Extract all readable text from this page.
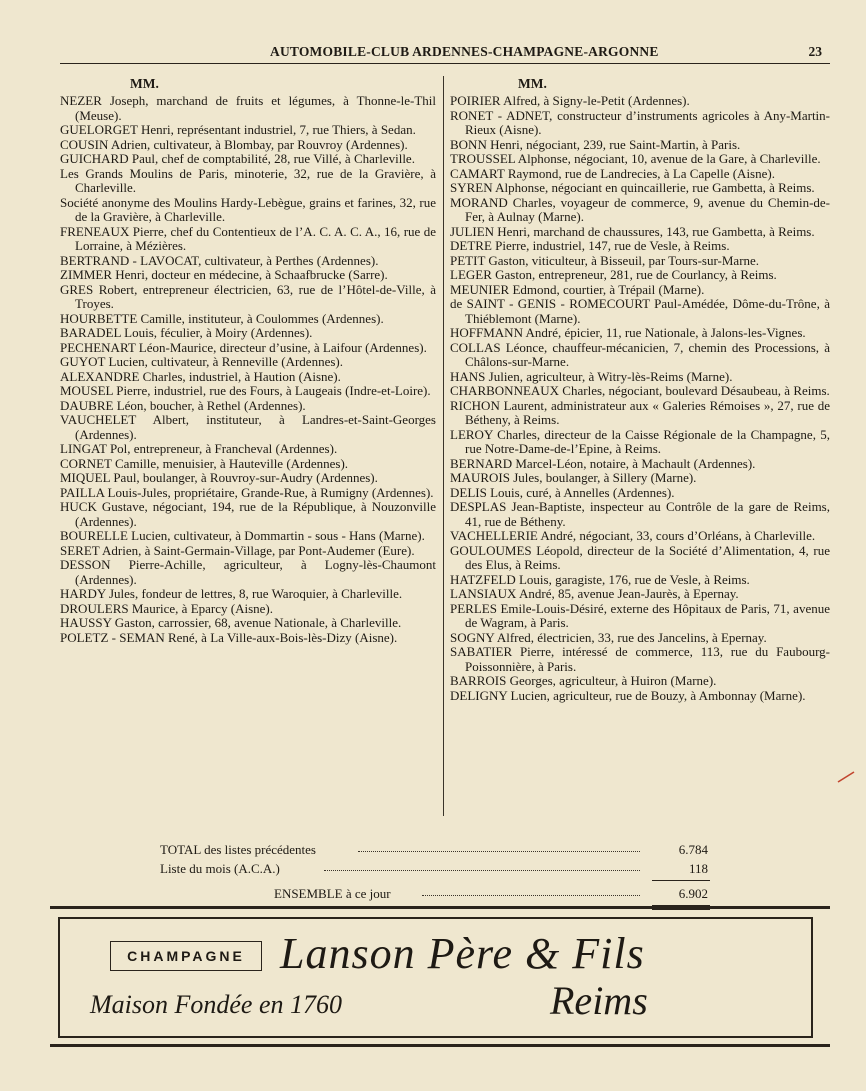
AUTOMOBILE-CLUB ARDENNES-CHAMPAGNE-ARGONNE	23
MM.

NEZER Joseph, marchand de fruits et légumes, à Thonne-le-Thil (Meuse).

GUELORGET Henri, représentant industriel, 7, rue Thiers, à Sedan.

COUSIN Adrien, cultivateur, à Blombay, par Rouvroy (Ardennes).

GUICHARD Paul, chef de comptabilité, 28, rue Villé, à Charleville.

Les Grands Moulins de Paris, minoterie, 32, rue de la Gravière, à Charleville.

Société anonyme des Moulins Hardy-Lebègue, grains et farines, 32, rue de la Gravière, à Charleville.

FRENEAUX Pierre, chef du Contentieux de l’A. C. A. C. A., 16, rue de Lorraine, à Mézières.

BERTRAND - LAVOCAT, cultivateur, à Perthes (Ardennes).

ZIMMER Henri, docteur en médecine, à Schaafbrucke (Sarre).

GRES Robert, entrepreneur électricien, 63, rue de l’Hôtel-de-Ville, à Troyes.

HOURBETTE Camille, instituteur, à Coulommes (Ardennes).

BARADEL Louis, féculier, à Moiry (Ardennes).

PECHENART Léon-Maurice, directeur d’usine, à Laifour (Ardennes).

GUYOT Lucien, cultivateur, à Renneville (Ardennes).

ALEXANDRE Charles, industriel, à Haution (Aisne).

MOUSEL Pierre, industriel, rue des Fours, à Laugeais (Indre-et-Loire).

DAUBRE Léon, boucher, à Rethel (Ardennes).

VAUCHELET Albert, instituteur, à Landres-et-Saint-Georges (Ardennes).

LINGAT Pol, entrepreneur, à Francheval (Ardennes).

CORNET Camille, menuisier, à Hauteville (Ardennes).

MIQUEL Paul, boulanger, à Rouvroy-sur-Audry (Ardennes).

PAILLA Louis-Jules, propriétaire, Grande-Rue, à Rumigny (Ardennes).

HUCK Gustave, négociant, 194, rue de la République, à Nouzonville (Ardennes).

BOURELLE Lucien, cultivateur, à Dommartin - sous - Hans (Marne).

SERET Adrien, à Saint-Germain-Village, par Pont-Audemer (Eure).

DESSON Pierre-Achille, agriculteur, à Logny-lès-Chaumont (Ardennes).

HARDY Jules, fondeur de lettres, 8, rue Waroquier, à Charleville.

DROULERS Maurice, à Eparcy (Aisne).

HAUSSY Gaston, carrossier, 68, avenue Nationale, à Charleville.

POLETZ - SEMAN René, à La Ville-aux-Bois-lès-Dizy (Aisne).

MM.

POIRIER Alfred, à Signy-le-Petit (Ardennes).

RONET - ADNET, constructeur d’instruments agricoles à Any-Martin-Rieux (Aisne).

BONN Henri, négociant, 239, rue Saint-Martin, à Paris.

TROUSSEL Alphonse, négociant, 10, avenue de la Gare, à Charleville.

CAMART Raymond, rue de Landrecies, à La Capelle (Aisne).

SYREN Alphonse, négociant en quincaillerie, rue Gambetta, à Reims.

MORAND Charles, voyageur de commerce, 9, avenue du Chemin-de-Fer, à Aulnay (Marne).

JULIEN Henri, marchand de chaussures, 143, rue Gambetta, à Reims.

DETRE Pierre, industriel, 147, rue de Vesle, à Reims.

PETIT Gaston, viticulteur, à Bisseuil, par Tours-sur-Marne.

LEGER Gaston, entrepreneur, 281, rue de Courlancy, à Reims.

MEUNIER Edmond, courtier, à Trépail (Marne).

de SAINT - GENIS - ROMECOURT Paul-Amédée, Dôme-du-Trône, à Thiéblemont (Marne).

HOFFMANN André, épicier, 11, rue Nationale, à Jalons-les-Vignes.

COLLAS Léonce, chauffeur-mécanicien, 7, chemin des Processions, à Châlons-sur-Marne.

HANS Julien, agriculteur, à Witry-lès-Reims (Marne).

CHARBONNEAUX Charles, négociant, boulevard Désaubeau, à Reims.

RICHON Laurent, administrateur aux « Galeries Rémoises », 27, rue de Bétheny, à Reims.

LEROY Charles, directeur de la Caisse Régionale de la Champagne, 5, rue Notre-Dame-de-l’Epine, à Reims.

BERNARD Marcel-Léon, notaire, à Machault (Ardennes).

MAUROIS Jules, boulanger, à Sillery (Marne).

DELIS Louis, curé, à Annelles (Ardennes).

DESPLAS Jean-Baptiste, inspecteur au Contrôle de la gare de Reims, 41, rue de Bétheny.

VACHELLERIE André, négociant, 33, cours d’Orléans, à Charleville.

GOULOUMES Léopold, directeur de la Société d’Alimentation, 4, rue des Elus, à Reims.

HATZFELD Louis, garagiste, 176, rue de Vesle, à Reims.

LANSIAUX André, 85, avenue Jean-Jaurès, à Epernay.

PERLES Emile-Louis-Désiré, externe des Hôpitaux de Paris, 71, avenue de Wagram, à Paris.

SOGNY Alfred, électricien, 33, rue des Jancelins, à Epernay.

SABATIER Pierre, intéressé de commerce, 113, rue du Faubourg-Poissonnière, à Paris.

BARROIS Georges, agriculteur, à Huiron (Marne).

DELIGNY Lucien, agriculteur, rue de Bouzy, à Ambonnay (Marne).

TOTAL des listes précédentes	6.784
Liste du mois (A.C.A.)	118
ENSEMBLE à ce jour	6.902
CHAMPAGNE Lanson Père & Fils
Maison Fondée en 1760	Reims
